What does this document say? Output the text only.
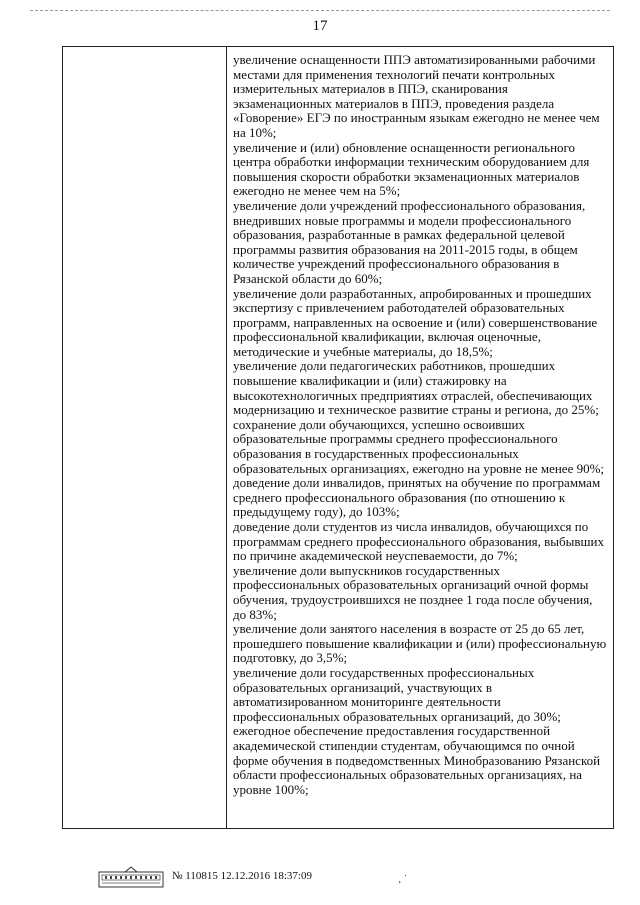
17

увеличение оснащенности ППЭ автоматизированными рабочими местами для применения технологий печати контрольных измерительных материалов в ППЭ, сканирования экзаменационных материалов в ППЭ, проведения раздела «Говорение» ЕГЭ по иностранным языкам ежегодно не менее чем на 10%;

увеличение и (или) обновление оснащенности регионального центра обработки информации техническим оборудованием для повышения скорости обработки экзаменационных материалов ежегодно не менее чем на 5%;

увеличение доли учреждений профессионального образования, внедривших новые программы и модели профессионального образования, разработанные в рамках федеральной целевой программы развития образования на 2011-2015 годы, в общем количестве учреждений профессионального образования в Рязанской области до 60%;

увеличение доли разработанных, апробированных и прошедших экспертизу с привлечением работодателей образовательных программ, направленных на освоение и (или) совершенствование профессиональной квалификации, включая оценочные, методические и учебные материалы, до 18,5%;

увеличение доли педагогических работников, прошедших повышение квалификации и (или) стажировку на высокотехнологичных предприятиях отраслей, обеспечивающих модернизацию и техническое развитие страны и региона, до 25%;

сохранение доли обучающихся, успешно освоивших образовательные программы среднего профессионального образования в государственных профессиональных образовательных организациях, ежегодно на уровне не менее 90%;

доведение доли инвалидов, принятых на обучение по программам среднего профессионального образования (по отношению к предыдущему году), до 103%;

доведение доли студентов из числа инвалидов, обучающихся по программам среднего профессионального образования, выбывших по причине академической неуспеваемости, до 7%;

увеличение доли выпускников государственных профессиональных образовательных организаций очной формы обучения, трудоустроившихся не позднее 1 года после обучения, до 83%;

увеличение доли занятого населения в возрасте от 25 до 65 лет, прошедшего повышение квалификации и (или) профессиональную подготовку, до 3,5%;

увеличение доли государственных профессиональных образовательных организаций, участвующих в автоматизированном мониторинге деятельности профессиональных образовательных организаций, до 30%;

ежегодное обеспечение предоставления государственной академической стипендии студентам, обучающимся по очной форме обучения в подведомственных Минобразованию Рязанской области профессиональных образовательных организациях, на уровне 100%;

№ 110815 12.12.2016 18:37:09	‚ ˙
